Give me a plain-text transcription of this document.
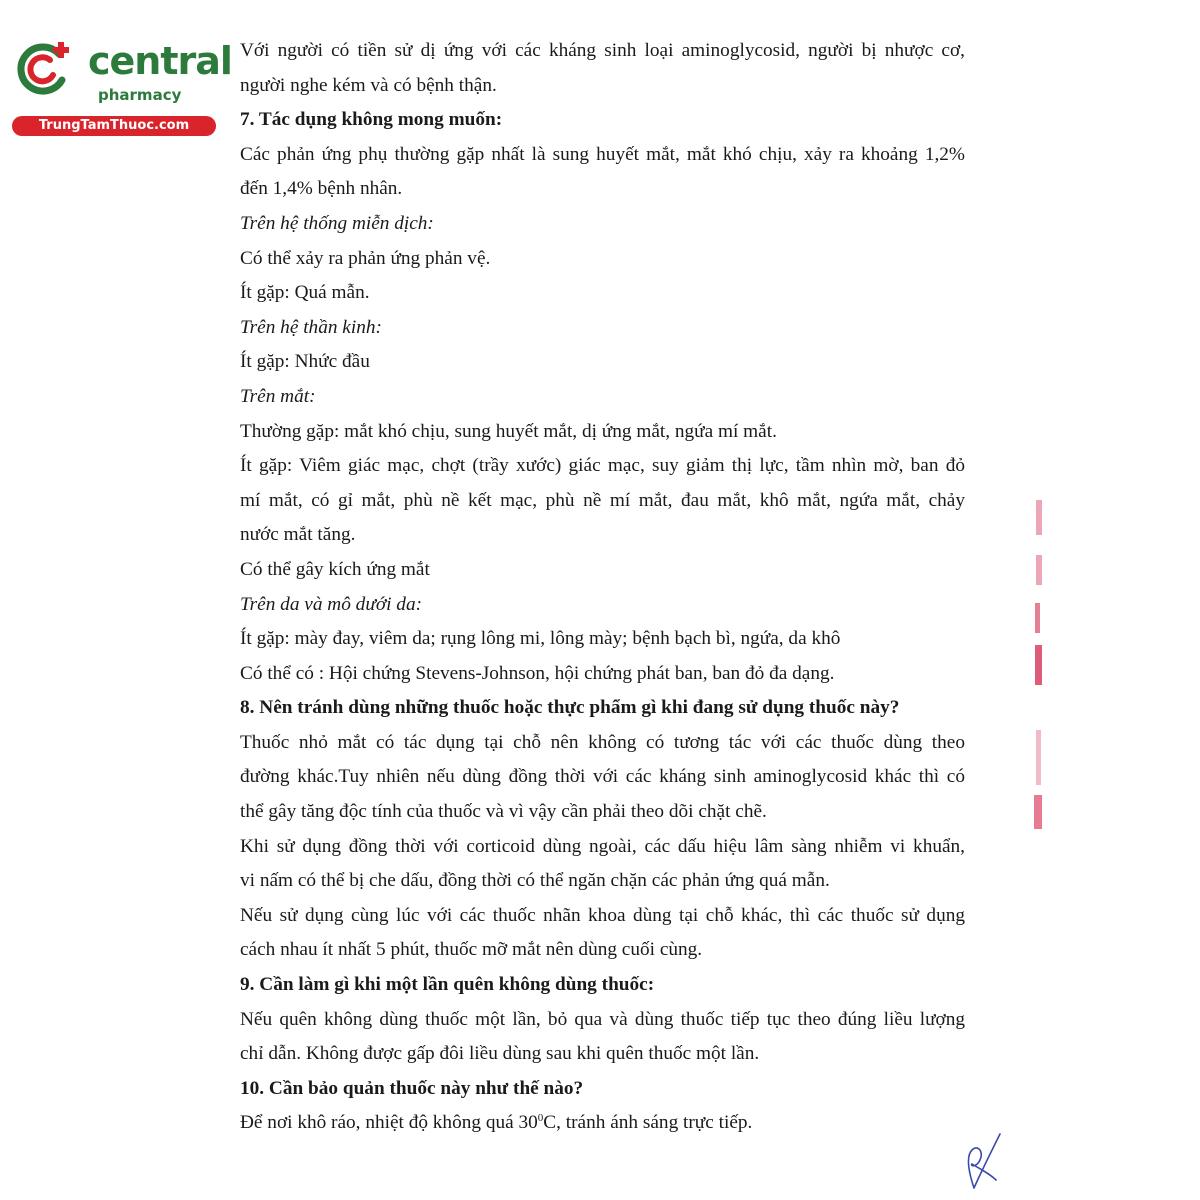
central
pharmacy
TrungTamThuoc.com
Với người có tiền sử dị ứng với các kháng sinh loại aminoglycosid, người bị nhược cơ,
người nghe kém và có bệnh thận.
7. Tác dụng không mong muốn:
Các phản ứng phụ thường gặp nhất là sung huyết mắt, mắt khó chịu, xảy ra khoảng 1,2%
đến 1,4% bệnh nhân.
Trên hệ thống miễn dịch:
Có thể xảy ra phản ứng phản vệ.
Ít gặp: Quá mẫn.
Trên hệ thần kinh:
Ít gặp: Nhức đầu
Trên mắt:
Thường gặp: mắt khó chịu, sung huyết mắt, dị ứng mắt, ngứa mí mắt.
Ít gặp: Viêm giác mạc, chợt (trầy xước) giác mạc, suy giảm thị lực, tầm nhìn mờ, ban đỏ
mí mắt, có gỉ mắt, phù nề kết mạc, phù nề mí mắt, đau mắt, khô mắt, ngứa mắt, chảy
nước mắt tăng.
Có thể gây kích ứng mắt
Trên da và mô dưới da:
Ít gặp: mày đay, viêm da; rụng lông mi, lông mày; bệnh bạch bì, ngứa, da khô
Có thể có : Hội chứng Stevens-Johnson, hội chứng phát ban, ban đỏ đa dạng.
8. Nên tránh dùng những thuốc hoặc thực phẩm gì khi đang sử dụng thuốc này?
Thuốc nhỏ mắt có tác dụng tại chỗ nên không có tương tác với các thuốc dùng theo
đường khác.Tuy nhiên nếu dùng đồng thời với các kháng sinh aminoglycosid khác thì có
thể gây tăng độc tính của thuốc và vì vậy cần phải theo dõi chặt chẽ.
Khi sử dụng đồng thời với corticoid dùng ngoài, các dấu hiệu lâm sàng nhiễm vi khuẩn,
vi nấm có thể bị che dấu, đồng thời có thể ngăn chặn các phản ứng quá mẫn.
Nếu sử dụng cùng lúc với các thuốc nhãn khoa dùng tại chỗ khác, thì các thuốc sử dụng
cách nhau ít nhất 5 phút, thuốc mỡ mắt nên dùng cuối cùng.
9. Cần làm gì khi một lần quên không dùng thuốc:
Nếu quên không dùng thuốc một lần, bỏ qua và dùng thuốc tiếp tục theo đúng liều lượng
chỉ dẫn. Không được gấp đôi liều dùng sau khi quên thuốc một lần.
10. Cần bảo quản thuốc này như thế nào?
Để nơi khô ráo, nhiệt độ không quá $30^0C$, tránh ánh sáng trực tiếp.
